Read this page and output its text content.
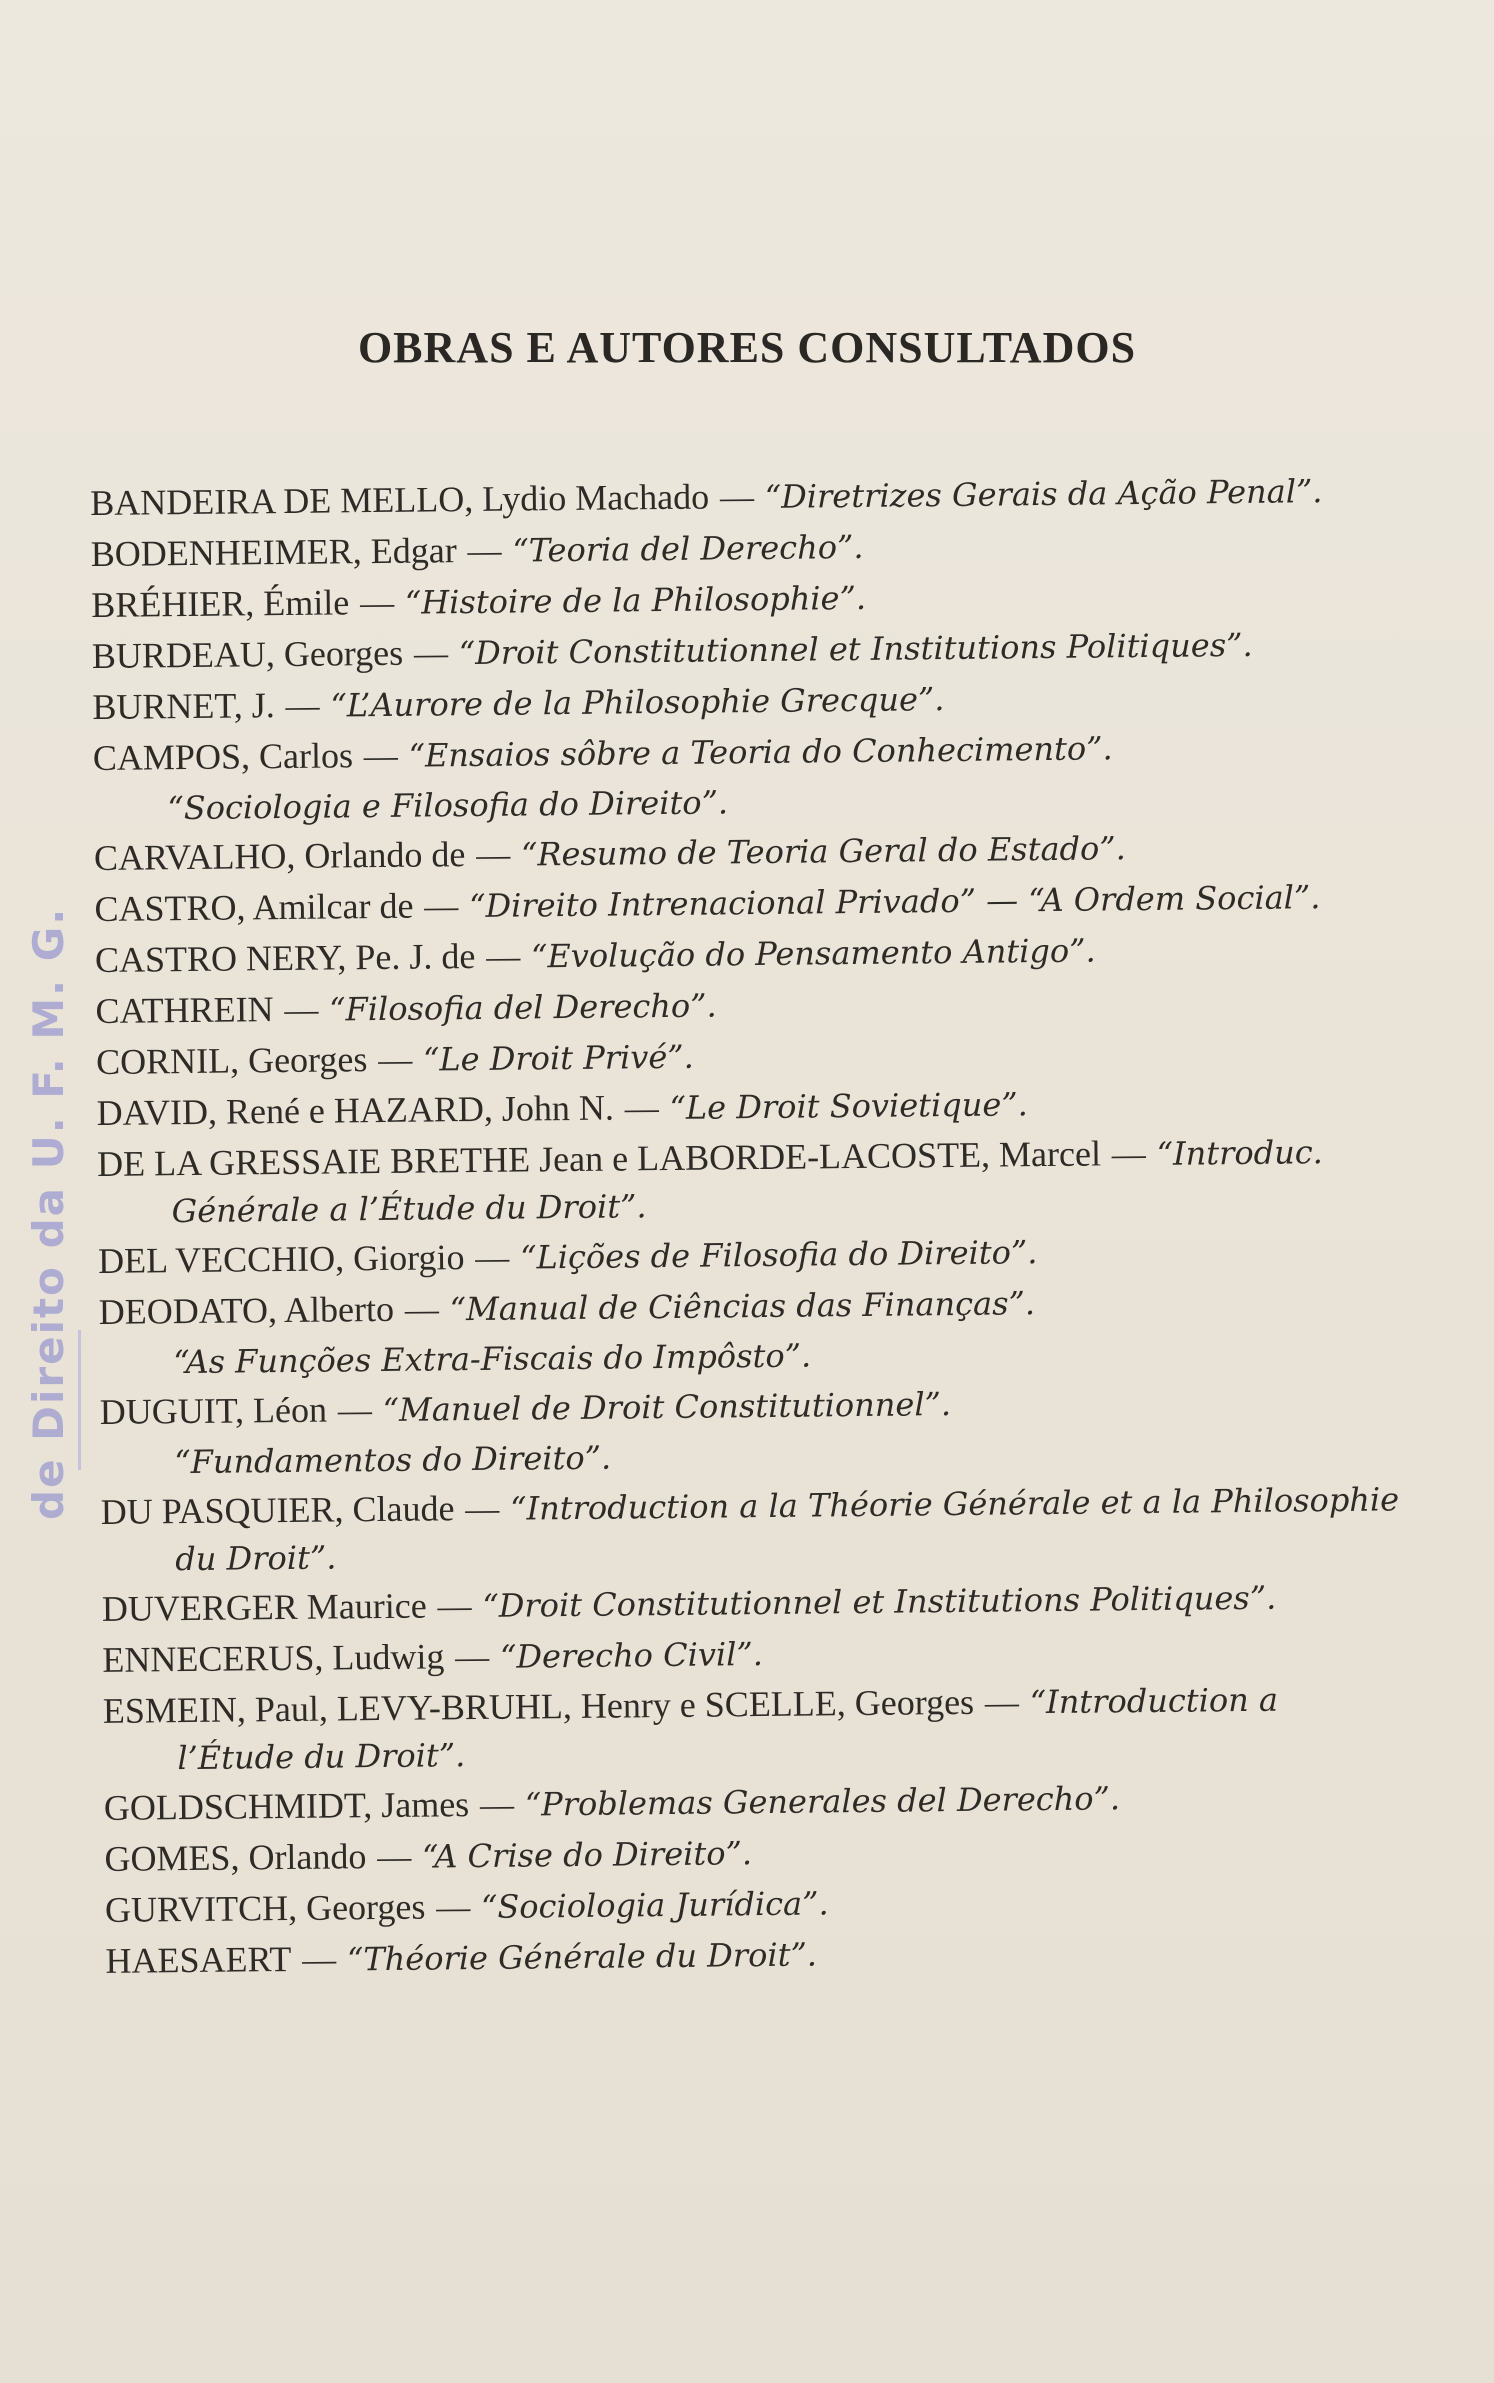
OBRAS E AUTORES CONSULTADOS
de Direito da U. F. M. G.

BANDEIRA DE MELLO, Lydio Machado — “Diretrizes Gerais da Ação Penal”.

BODENHEIMER, Edgar — “Teoria del Derecho”.

BRÉHIER, Émile — “Histoire de la Philosophie”.

BURDEAU, Georges — “Droit Constitutionnel et Institutions Politiques”.

BURNET, J. — “L’Aurore de la Philosophie Grecque”.

CAMPOS, Carlos — “Ensaios sôbre a Teoria do Conhecimento”.

“Sociologia e Filosofia do Direito”.

CARVALHO, Orlando de — “Resumo de Teoria Geral do Estado”.

CASTRO, Amilcar de — “Direito Intrenacional Privado” — “A Ordem Social”.

CASTRO NERY, Pe. J. de — “Evolução do Pensamento Antigo”.

CATHREIN — “Filosofia del Derecho”.

CORNIL, Georges — “Le Droit Privé”.

DAVID, René e HAZARD, John N. — “Le Droit Sovietique”.

DE LA GRESSAIE BRETHE Jean e LABORDE-LACOSTE, Marcel — “Introduc. Générale a l’Étude du Droit”.

DEL VECCHIO, Giorgio — “Lições de Filosofia do Direito”.

DEODATO, Alberto — “Manual de Ciências das Finanças”.

“As Funções Extra-Fiscais do Impôsto”.

DUGUIT, Léon — “Manuel de Droit Constitutionnel”.

“Fundamentos do Direito”.

DU PASQUIER, Claude — “Introduction a la Théorie Générale et a la Philosophie du Droit”.

DUVERGER Maurice — “Droit Constitutionnel et Institutions Politiques”.

ENNECERUS, Ludwig — “Derecho Civil”.

ESMEIN, Paul, LEVY-BRUHL, Henry e SCELLE, Georges — “Introduction a l’Étude du Droit”.

GOLDSCHMIDT, James — “Problemas Generales del Derecho”.

GOMES, Orlando — “A Crise do Direito”.

GURVITCH, Georges — “Sociologia Jurídica”.

HAESAERT — “Théorie Générale du Droit”.
